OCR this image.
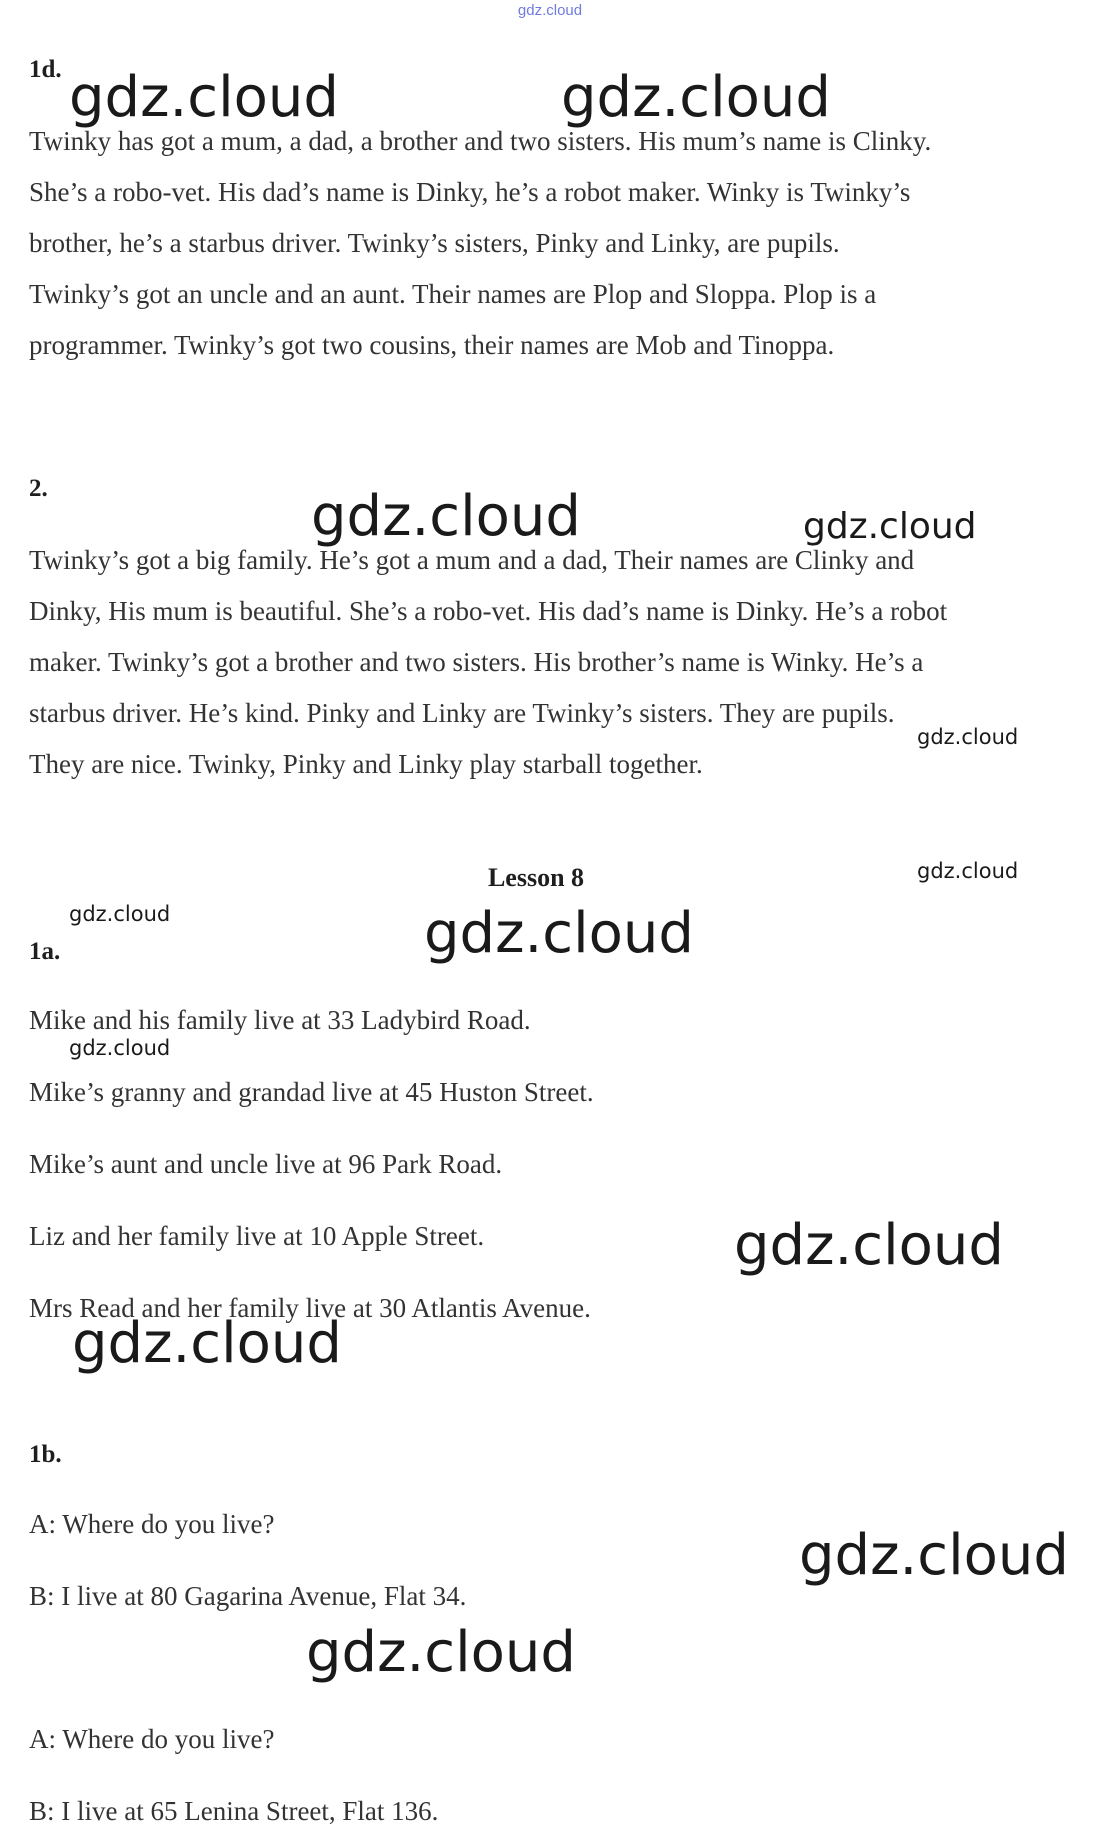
gdz.cloud
1d.
Twinky has got a mum, a dad, a brother and two sisters. His mum’s name is Clinky.
She’s a robo-vet. His dad’s name is Dinky, he’s a robot maker. Winky is Twinky’s
brother, he’s a starbus driver. Twinky’s sisters, Pinky and Linky, are pupils.
Twinky’s got an uncle and an aunt. Their names are Plop and Sloppa. Plop is a
programmer. Twinky’s got two cousins, their names are Mob and Tinoppa.
2.
Twinky’s got a big family. He’s got a mum and a dad, Their names are Clinky and
Dinky, His mum is beautiful. She’s a robo-vet. His dad’s name is Dinky. He’s a robot
maker. Twinky’s got a brother and two sisters. His brother’s name is Winky. He’s a
starbus driver. He’s kind. Pinky and Linky are Twinky’s sisters. They are pupils.
They are nice. Twinky, Pinky and Linky play starball together.
Lesson 8
1a.
Mike and his family live at 33 Ladybird Road.
Mike’s granny and grandad live at 45 Huston Street.
Mike’s aunt and uncle live at 96 Park Road.
Liz and her family live at 10 Apple Street.
Mrs Read and her family live at 30 Atlantis Avenue.
1b.
A: Where do you live?
B: I live at 80 Gagarina Avenue, Flat 34.
A: Where do you live?
B: I live at 65 Lenina Street, Flat 136.
gdz.cloud	gdz.cloud
gdz.cloud	gdz.cloud
gdz.cloud
gdz.cloud
gdz.cloud	gdz.cloud
gdz.cloud
gdz.cloud
gdz.cloud
gdz.cloud
gdz.cloud
